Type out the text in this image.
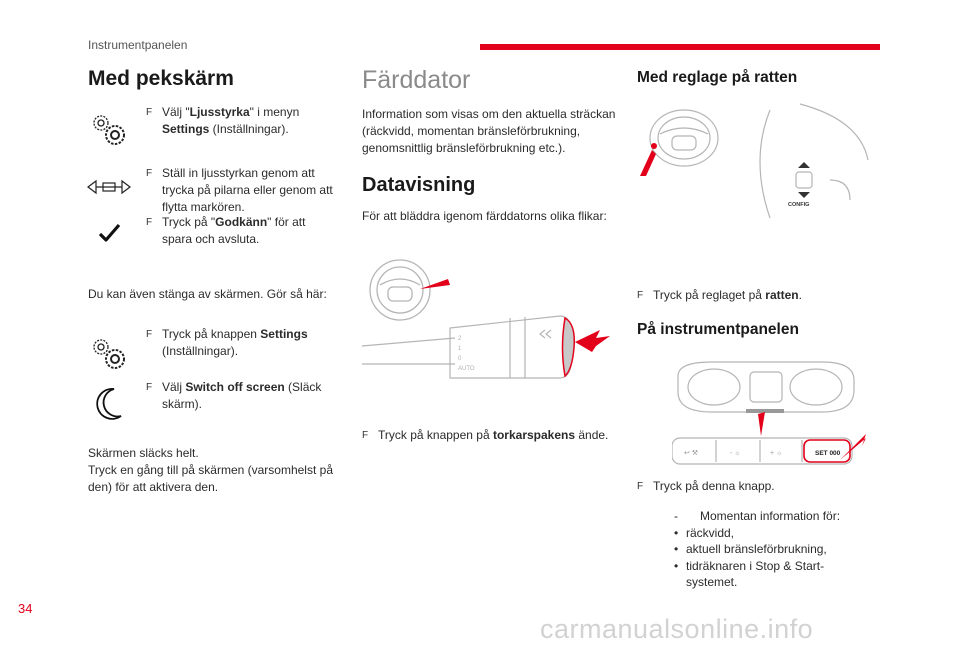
Instrumentpanelen
Med pekskärm
F Välj "Ljusstyrka" i menyn
Settings (Inställningar).
F Ställ in ljusstyrkan genom att trycka på pilarna eller genom att flytta markören.
F Tryck på "Godkänn" för att spara och avsluta.
Du kan även stänga av skärmen. Gör så här:
F Tryck på knappen Settings (Inställningar).
F Välj Switch off screen (Släck skärm).
Skärmen släcks helt.
Tryck en gång till på skärmen (varsomhelst på den) för att aktivera den.
Färddator
Information som visas om den aktuella sträckan (räckvidd, momentan bränsleförbrukning, genomsnittlig bränsleförbrukning etc.).
Datavisning
För att bläddra igenom färddatorns olika flikar:
2
1
0
AUTO
F Tryck på knappen på torkarspakens ände.
Med reglage på ratten
CONFIG
F Tryck på reglaget på ratten.
På instrumentpanelen
SET 000
↩ ⚒	- ☼	+ ☼
F Tryck på denna knapp.
- Momentan information för:
• räckvidd,
• aktuell bränsleförbrukning,
• tidräknaren i Stop & Start-systemet.
34
carmanualsonline.info
